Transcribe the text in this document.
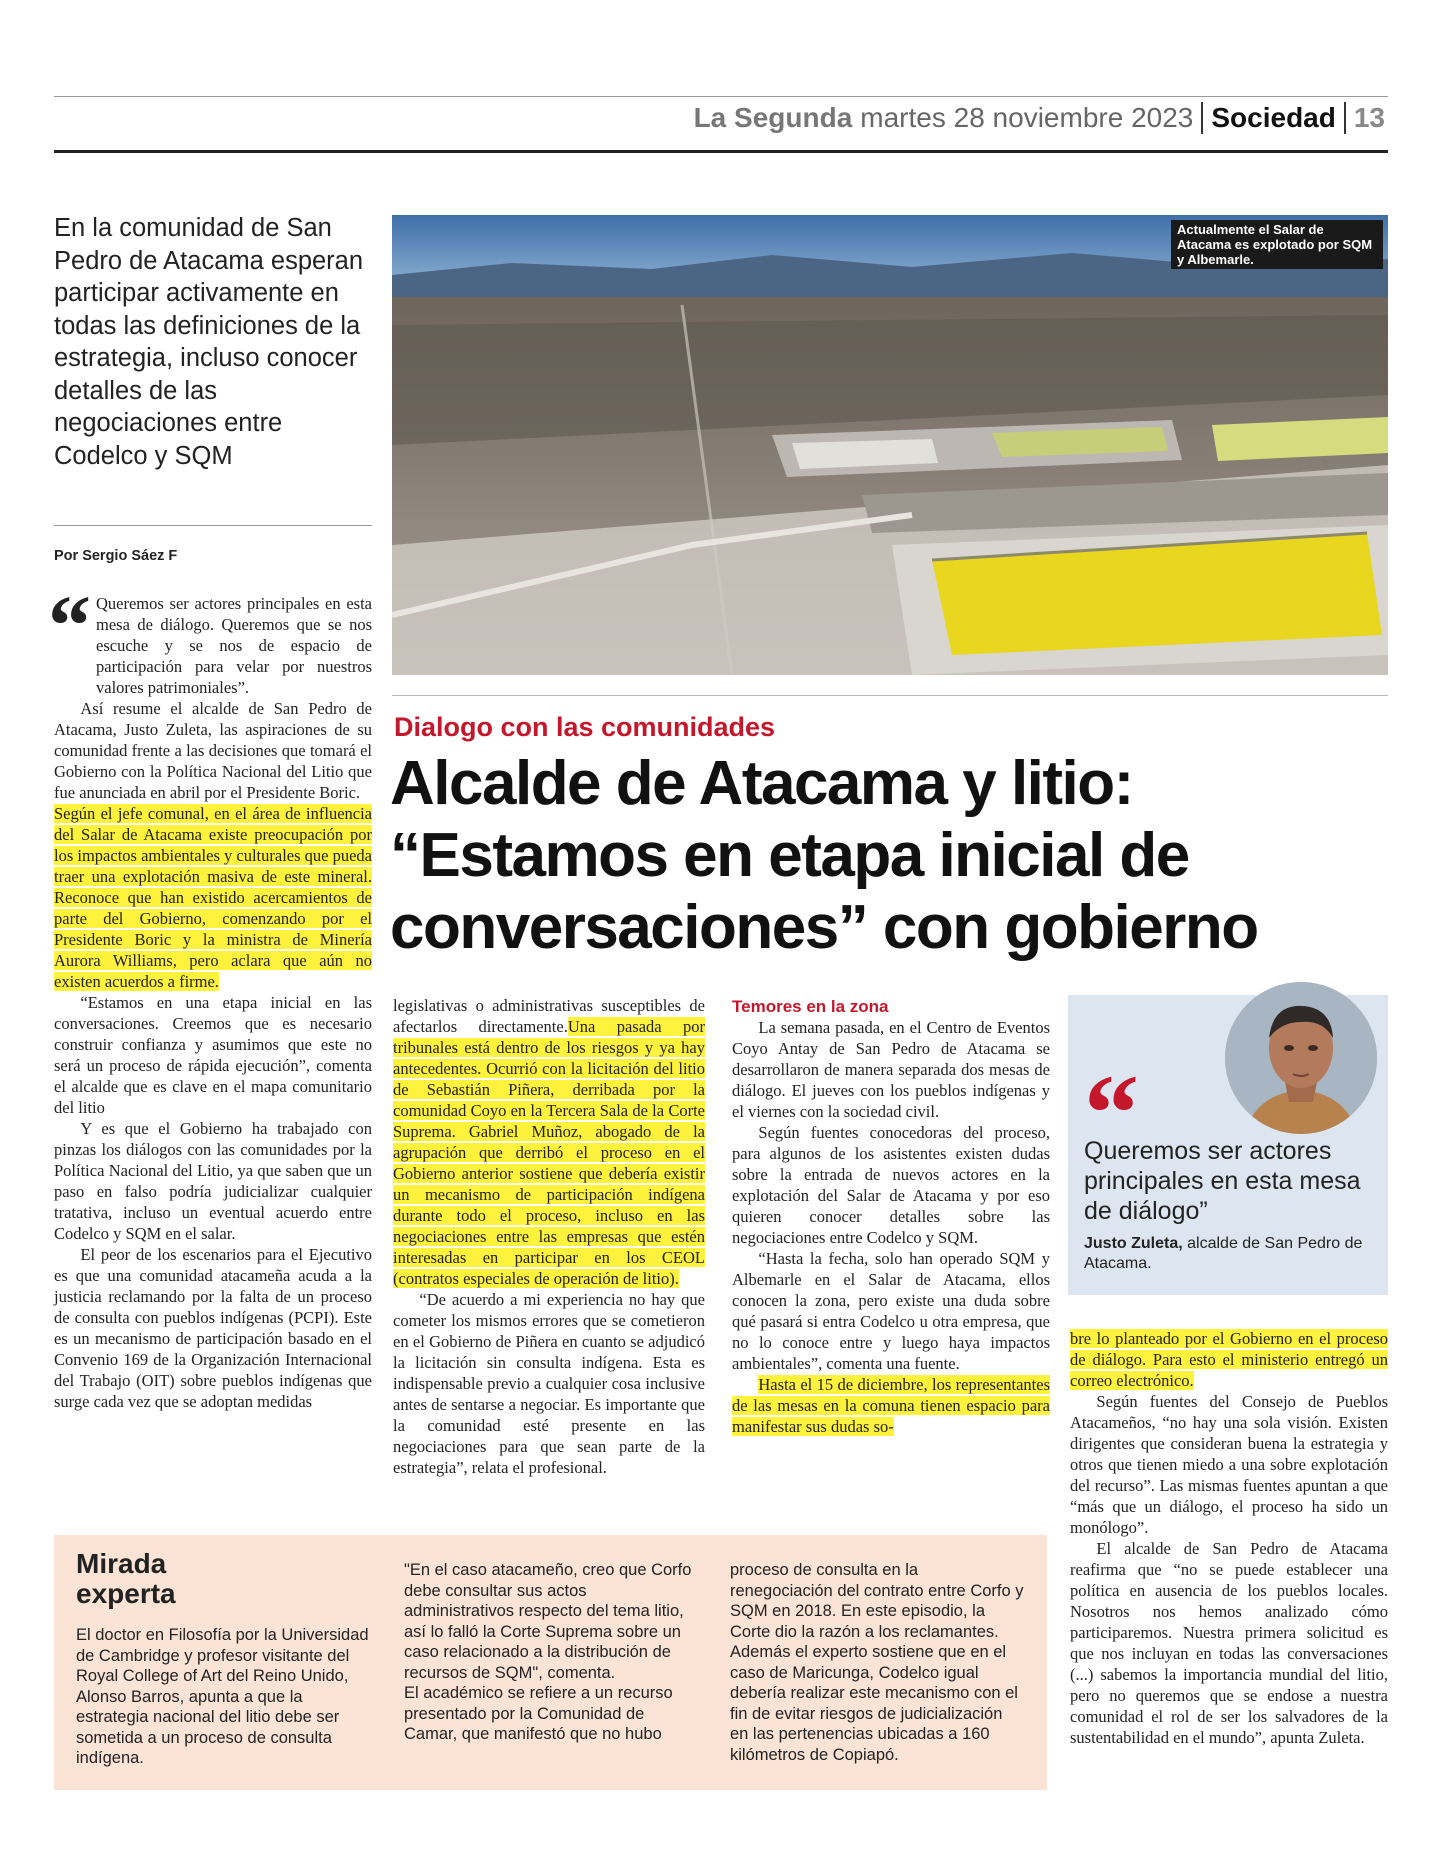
La Segunda martes 28 noviembre 2023 Sociedad 13
En la comunidad de San Pedro de Atacama esperan participar activamente en todas las definiciones de la estrategia, incluso conocer detalles de las negociaciones entre Codelco y SQM
Por Sergio Sáez F
Actualmente el Salar de Atacama es explotado por SQM y Albemarle.
Dialogo con las comunidades
Alcalde de Atacama y litio: “Estamos en etapa inicial de conversaciones” con gobierno
“ Queremos ser actores principales en esta mesa de diálogo. Queremos que se nos escuche y se nos de espacio de participación para velar por nuestros valores patrimoniales”.

Así resume el alcalde de San Pedro de Atacama, Justo Zuleta, las aspiraciones de su comunidad frente a las decisiones que tomará el Gobierno con la Política Nacional del Litio que fue anunciada en abril por el Presidente Boric.

Según el jefe comunal, en el área de influencia del Salar de Atacama existe preocupación por los impactos ambientales y culturales que pueda traer una explotación masiva de este mineral. Reconoce que han existido acercamientos de parte del Gobierno, comenzando por el Presidente Boric y la ministra de Minería Aurora Williams, pero aclara que aún no existen acuerdos a firme.

“Estamos en una etapa inicial en las conversaciones. Creemos que es necesario construir confianza y asumimos que este no será un proceso de rápida ejecución”, comenta el alcalde que es clave en el mapa comunitario del litio

Y es que el Gobierno ha trabajado con pinzas los diálogos con las comunidades por la Política Nacional del Litio, ya que saben que un paso en falso podría judicializar cualquier tratativa, incluso un eventual acuerdo entre Codelco y SQM en el salar.

El peor de los escenarios para el Ejecutivo es que una comunidad atacameña acuda a la justicia reclamando por la falta de un proceso de consulta con pueblos indígenas (PCPI). Este es un mecanismo de participación basado en el Convenio 169 de la Organización Internacional del Trabajo (OIT) sobre pueblos indígenas que surge cada vez que se adoptan medidas

legislativas o administrativas susceptibles de afectarlos directamente.Una pasada por tribunales está dentro de los riesgos y ya hay antecedentes. Ocurrió con la licitación del litio de Sebastián Piñera, derribada por la comunidad Coyo en la Tercera Sala de la Corte Suprema. Gabriel Muñoz, abogado de la agrupación que derribó el proceso en el Gobierno anterior sostiene que debería existir un mecanismo de participación indígena durante todo el proceso, incluso en las negociaciones entre las empresas que estén interesadas en participar en los CEOL (contratos especiales de operación de litio).

“De acuerdo a mi experiencia no hay que cometer los mismos errores que se cometieron en el Gobierno de Piñera en cuanto se adjudicó la licitación sin consulta indígena. Esta es indispensable previo a cualquier cosa inclusive antes de sentarse a negociar. Es importante que la comunidad esté presente en las negociaciones para que sean parte de la estrategia”, relata el profesional.

Temores en la zona

La semana pasada, en el Centro de Eventos Coyo Antay de San Pedro de Atacama se desarrollaron de manera separada dos mesas de diálogo. El jueves con los pueblos indígenas y el viernes con la sociedad civil.

Según fuentes conocedoras del proceso, para algunos de los asistentes existen dudas sobre la entrada de nuevos actores en la explotación del Salar de Atacama y por eso quieren conocer detalles sobre las negociaciones entre Codelco y SQM.

“Hasta la fecha, solo han operado SQM y Albemarle en el Salar de Atacama, ellos conocen la zona, pero existe una duda sobre qué pasará si entra Codelco u otra empresa, que no lo conoce entre y luego haya impactos ambientales”, comenta una fuente.

Hasta el 15 de diciembre, los representantes de las mesas en la comuna tienen espacio para manifestar sus dudas so-

“
Queremos ser actores principales en esta mesa de diálogo”
Justo Zuleta, alcalde de San Pedro de Atacama.

bre lo planteado por el Gobierno en el proceso de diálogo. Para esto el ministerio entregó un correo electrónico.

Según fuentes del Consejo de Pueblos Atacameños, “no hay una sola visión. Existen dirigentes que consideran buena la estrategia y otros que tienen miedo a una sobre explotación del recurso”. Las mismas fuentes apuntan a que “más que un diálogo, el proceso ha sido un monólogo”.

El alcalde de San Pedro de Atacama reafirma que “no se puede establecer una política en ausencia de los pueblos locales. Nosotros nos hemos analizado cómo participaremos. Nuestra primera solicitud es que nos incluyan en todas las conversaciones (...) sabemos la importancia mundial del litio, pero no queremos que se endose a nuestra comunidad el rol de ser los salvadores de la sustentabilidad en el mundo”, apunta Zuleta.

Mirada
experta
El doctor en Filosofía por la Universidad de Cambridge y profesor visitante del Royal College of Art del Reino Unido, Alonso Barros, apunta a que la estrategia nacional del litio debe ser sometida a un proceso de consulta indígena.
"En el caso atacameño, creo que Corfo debe consultar sus actos administrativos respecto del tema litio, así lo falló la Corte Suprema sobre un caso relacionado a la distribución de recursos de SQM", comenta.
El académico se refiere a un recurso presentado por la Comunidad de Camar, que manifestó que no hubo
proceso de consulta en la renegociación del contrato entre Corfo y SQM en 2018. En este episodio, la Corte dio la razón a los reclamantes. Además el experto sostiene que en el caso de Maricunga, Codelco igual debería realizar este mecanismo con el fin de evitar riesgos de judicialización en las pertenencias ubicadas a 160 kilómetros de Copiapó.
